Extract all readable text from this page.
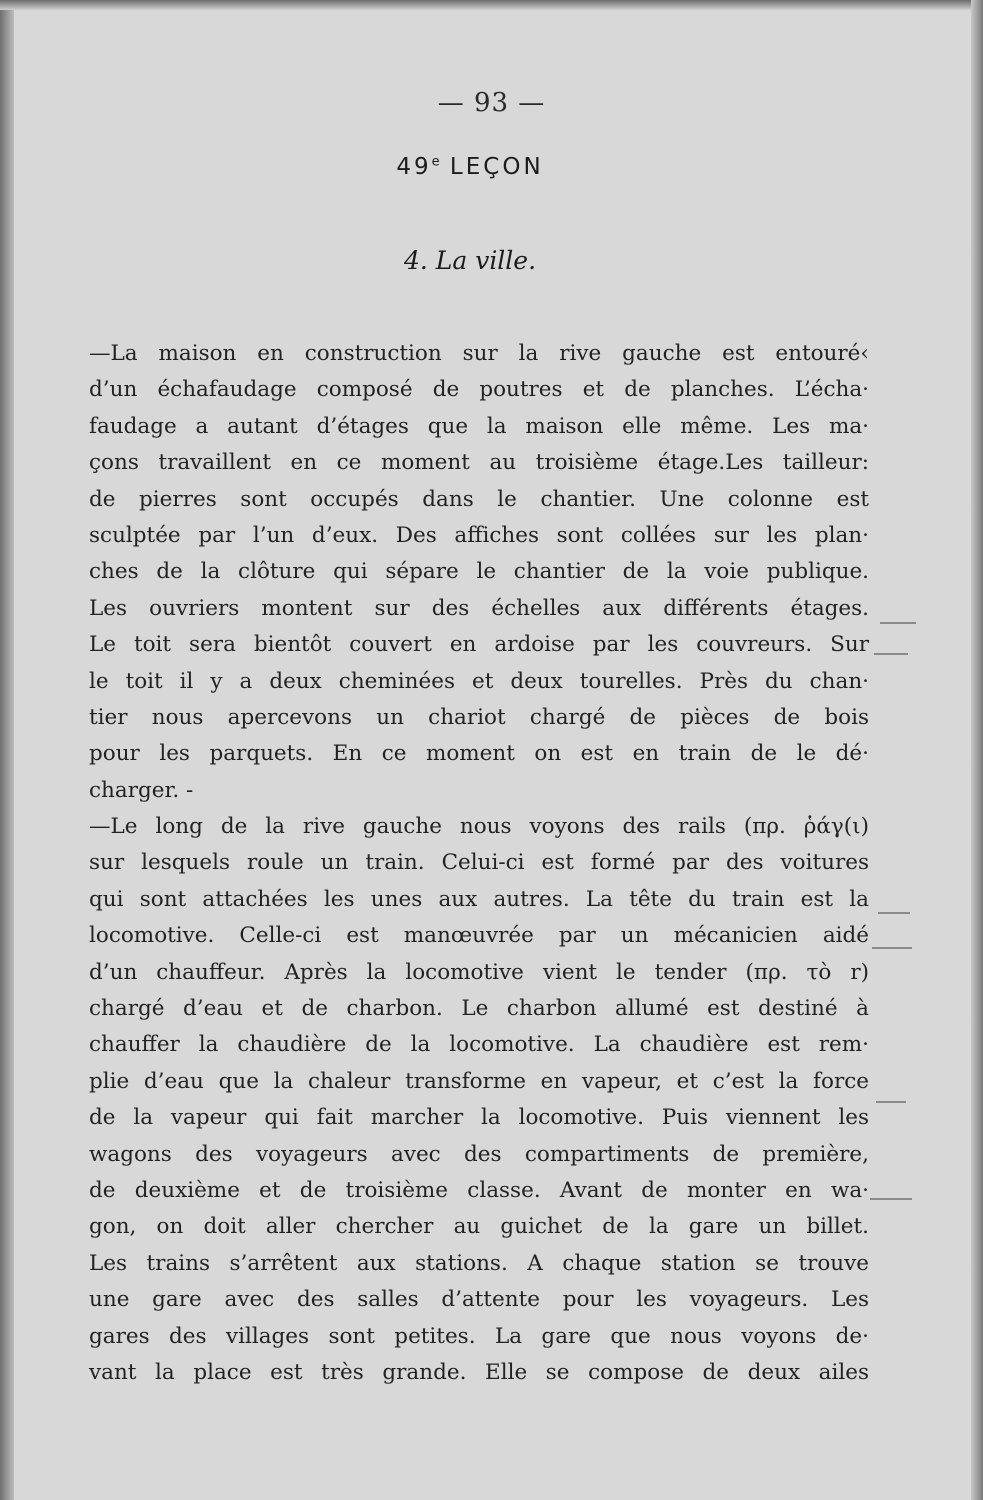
— 93 —
49e LEÇON
4. La ville.
—La maison en construction sur la rive gauche est entouré‹
d’un échafaudage composé de poutres et de planches. L’écha·
faudage a autant d’étages que la maison elle même. Les ma·
çons travaillent en ce moment au troisième étage.Les tailleur:
de pierres sont occupés dans le chantier. Une colonne est
sculptée par l’un d’eux. Des affiches sont collées sur les plan·
ches de la clôture qui sépare le chantier de la voie publique.
Les ouvriers montent sur des échelles aux différents étages.
Le toit sera bientôt couvert en ardoise par les couvreurs. Sur
le toit il y a deux cheminées et deux tourelles. Près du chan·
tier nous apercevons un chariot chargé de pièces de bois
pour les parquets. En ce moment on est en train de le dé·
charger. -
—Le long de la rive gauche nous voyons des rails (πρ. ῥάγ(ι)
sur lesquels roule un train. Celui-ci est formé par des voitures
qui sont attachées les unes aux autres. La tête du train est la
locomotive. Celle-ci est manœuvrée par un mécanicien aidé
d’un chauffeur. Après la locomotive vient le tender (πρ. τὸ r)
chargé d’eau et de charbon. Le charbon allumé est destiné à
chauffer la chaudière de la locomotive. La chaudière est rem·
plie d’eau que la chaleur transforme en vapeur, et c’est la force
de la vapeur qui fait marcher la locomotive. Puis viennent les
wagons des voyageurs avec des compartiments de première,
de deuxième et de troisième classe. Avant de monter en wa·
gon, on doit aller chercher au guichet de la gare un billet.
Les trains s’arrêtent aux stations. A chaque station se trouve
une gare avec des salles d’attente pour les voyageurs. Les
gares des villages sont petites. La gare que nous voyons de·
vant la place est très grande. Elle se compose de deux ailes
